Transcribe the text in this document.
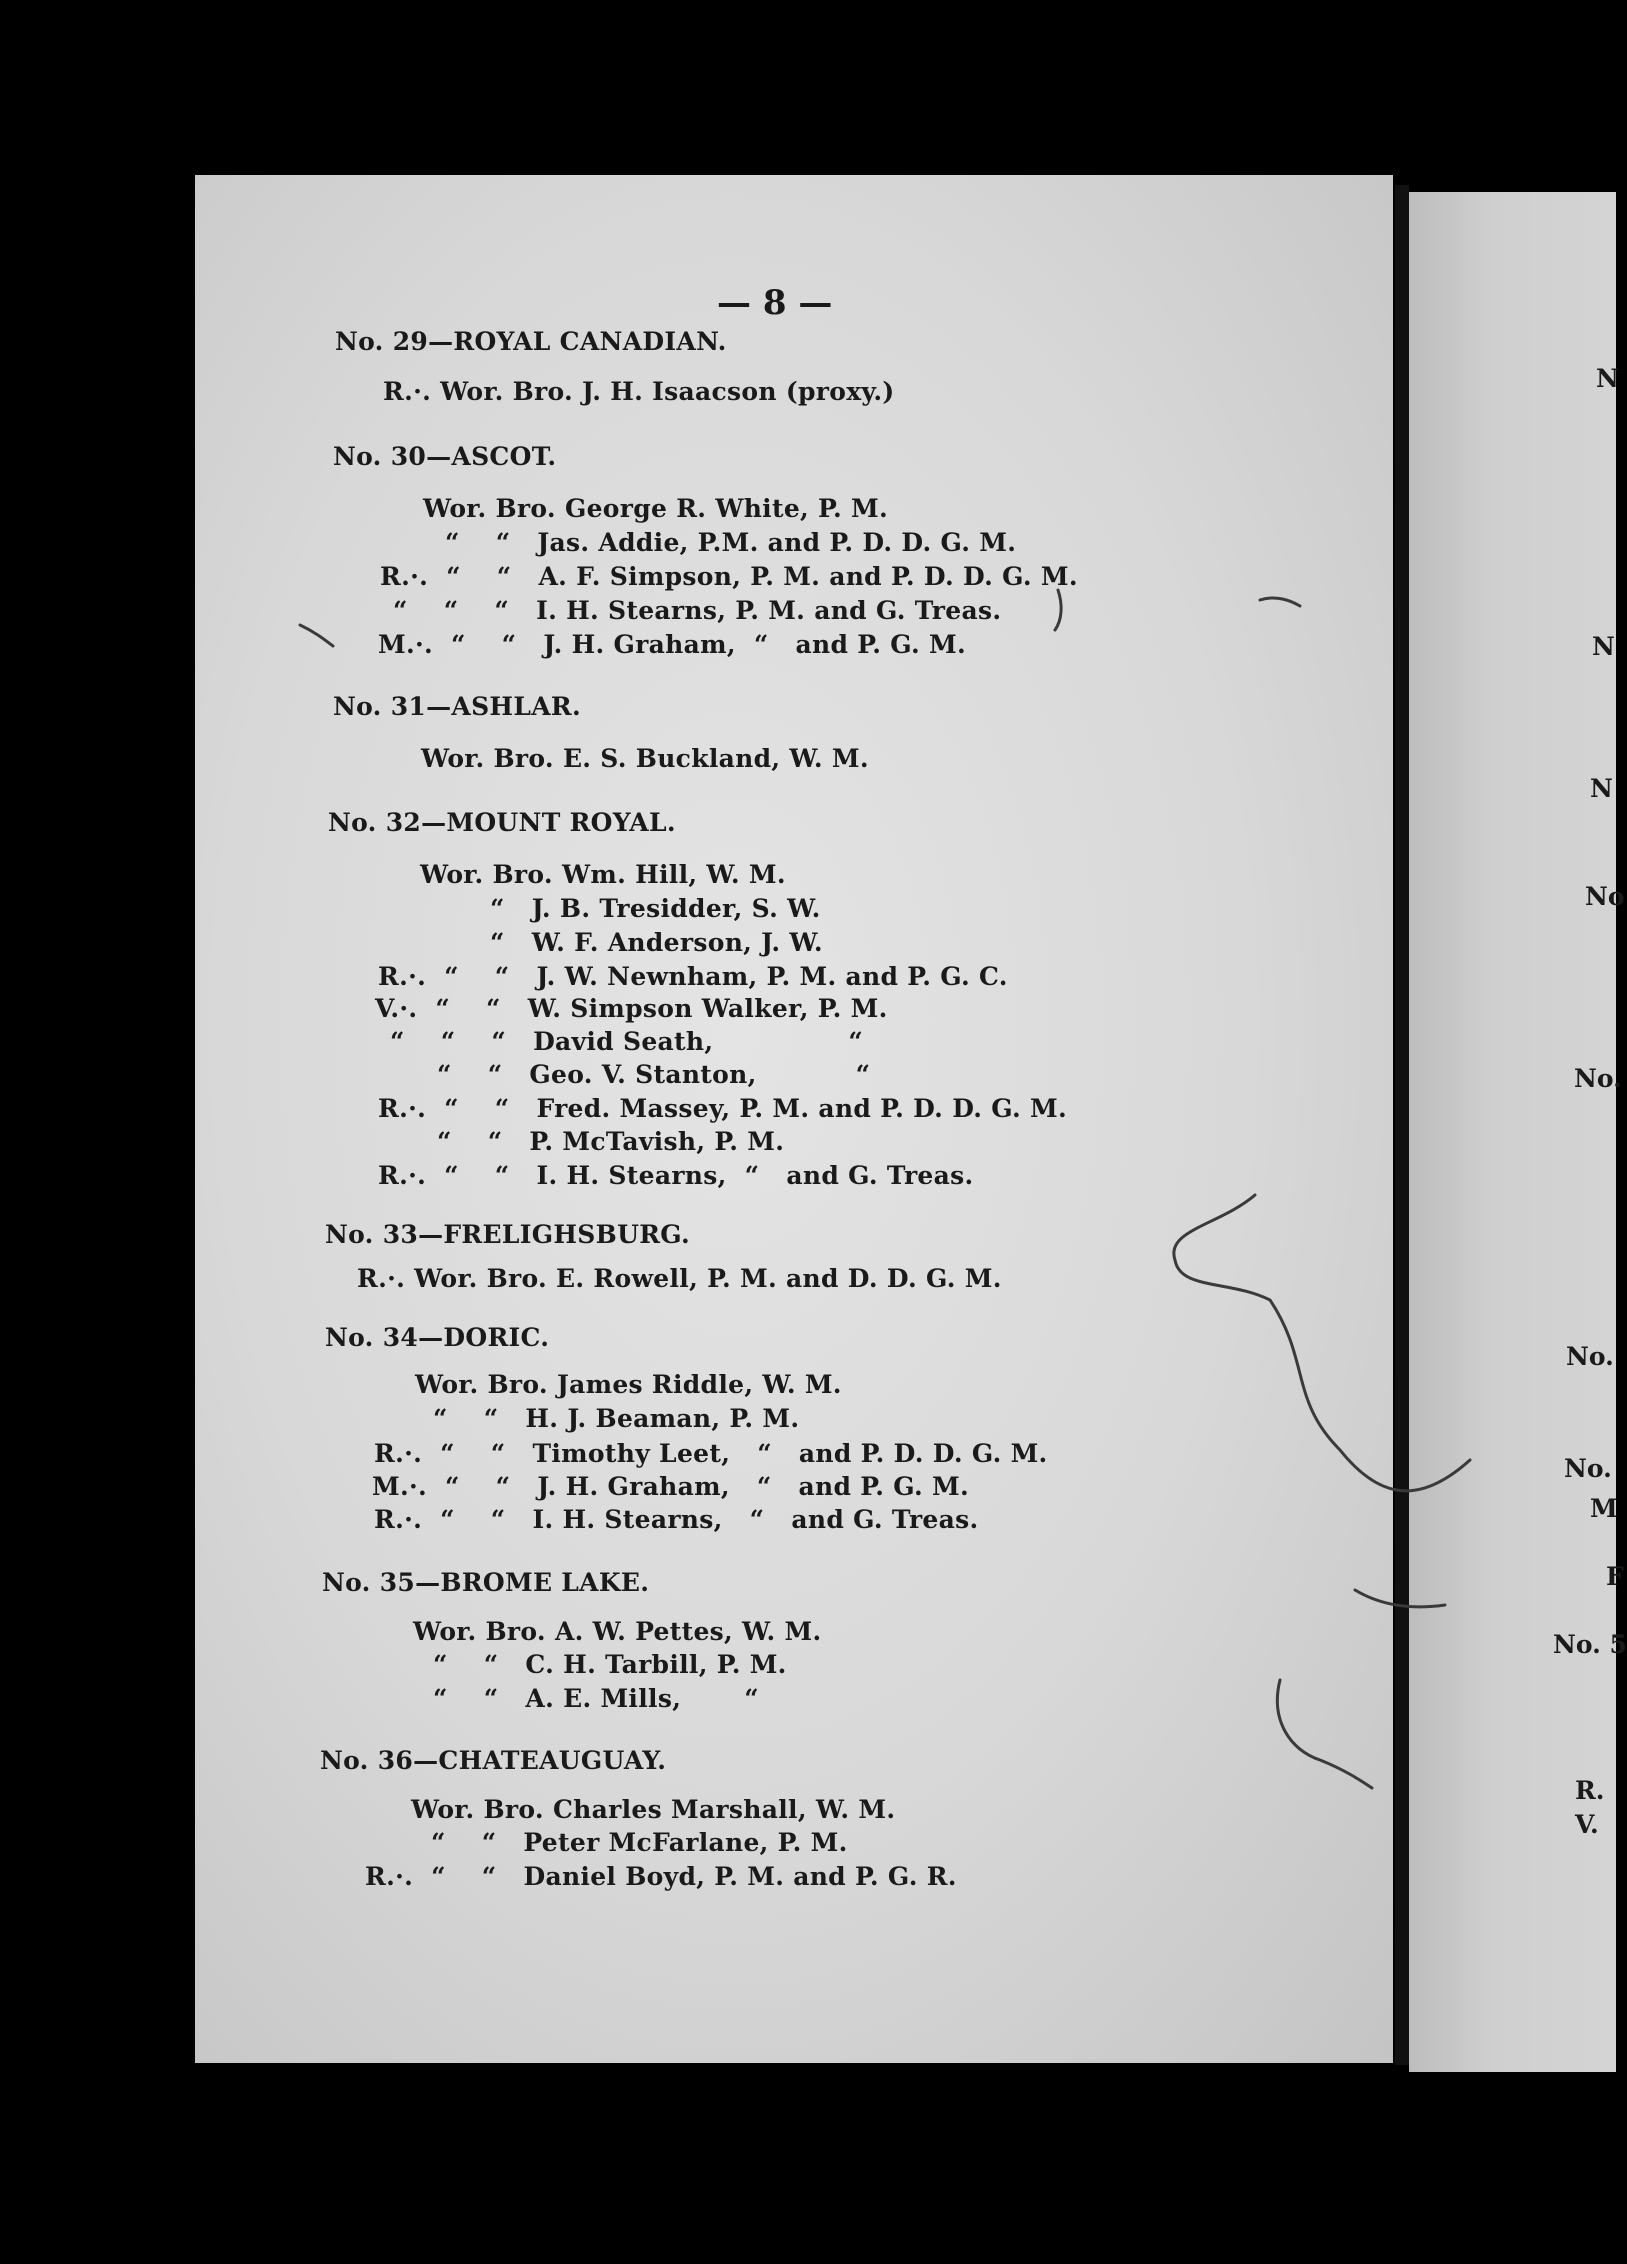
— 8 —
No. 29—ROYAL CANADIAN.
R.·. Wor. Bro. J. H. Isaacson (proxy.)
No. 30—ASCOT.
Wor. Bro. George R. White, P. M.
“    “   Jas. Addie, P.M. and P. D. D. G. M.
R.·.  “    “   A. F. Simpson, P. M. and P. D. D. G. M.
“    “    “   I. H. Stearns, P. M. and G. Treas.
M.·.  “    “   J. H. Graham,  “   and P. G. M.
No. 31—ASHLAR.
Wor. Bro. E. S. Buckland, W. M.
No. 32—MOUNT ROYAL.
Wor. Bro. Wm. Hill, W. M.
“   J. B. Tresidder, S. W.
“   W. F. Anderson, J. W.
R.·.  “    “   J. W. Newnham, P. M. and P. G. C.
V.·.  “    “   W. Simpson Walker, P. M.
“    “    “   David Seath,               “
“    “   Geo. V. Stanton,           “
R.·.  “    “   Fred. Massey, P. M. and P. D. D. G. M.
“    “   P. McTavish, P. M.
R.·.  “    “   I. H. Stearns,  “   and G. Treas.
No. 33—FRELIGHSBURG.
R.·. Wor. Bro. E. Rowell, P. M. and D. D. G. M.
No. 34—DORIC.
Wor. Bro. James Riddle, W. M.
“    “   H. J. Beaman, P. M.
R.·.  “    “   Timothy Leet,   “   and P. D. D. G. M.
M.·.  “    “   J. H. Graham,   “   and P. G. M.
R.·.  “    “   I. H. Stearns,   “   and G. Treas.
No. 35—BROME LAKE.
Wor. Bro. A. W. Pettes, W. M.
“    “   C. H. Tarbill, P. M.
“    “   A. E. Mills,       “
No. 36—CHATEAUGUAY.
Wor. Bro. Charles Marshall, W. M.
“    “   Peter McFarlane, P. M.
R.·.  “    “   Daniel Boyd, P. M. and P. G. R.
N
N
N
No
No.
No.
No.
M
F
No. 5
R.
V.
